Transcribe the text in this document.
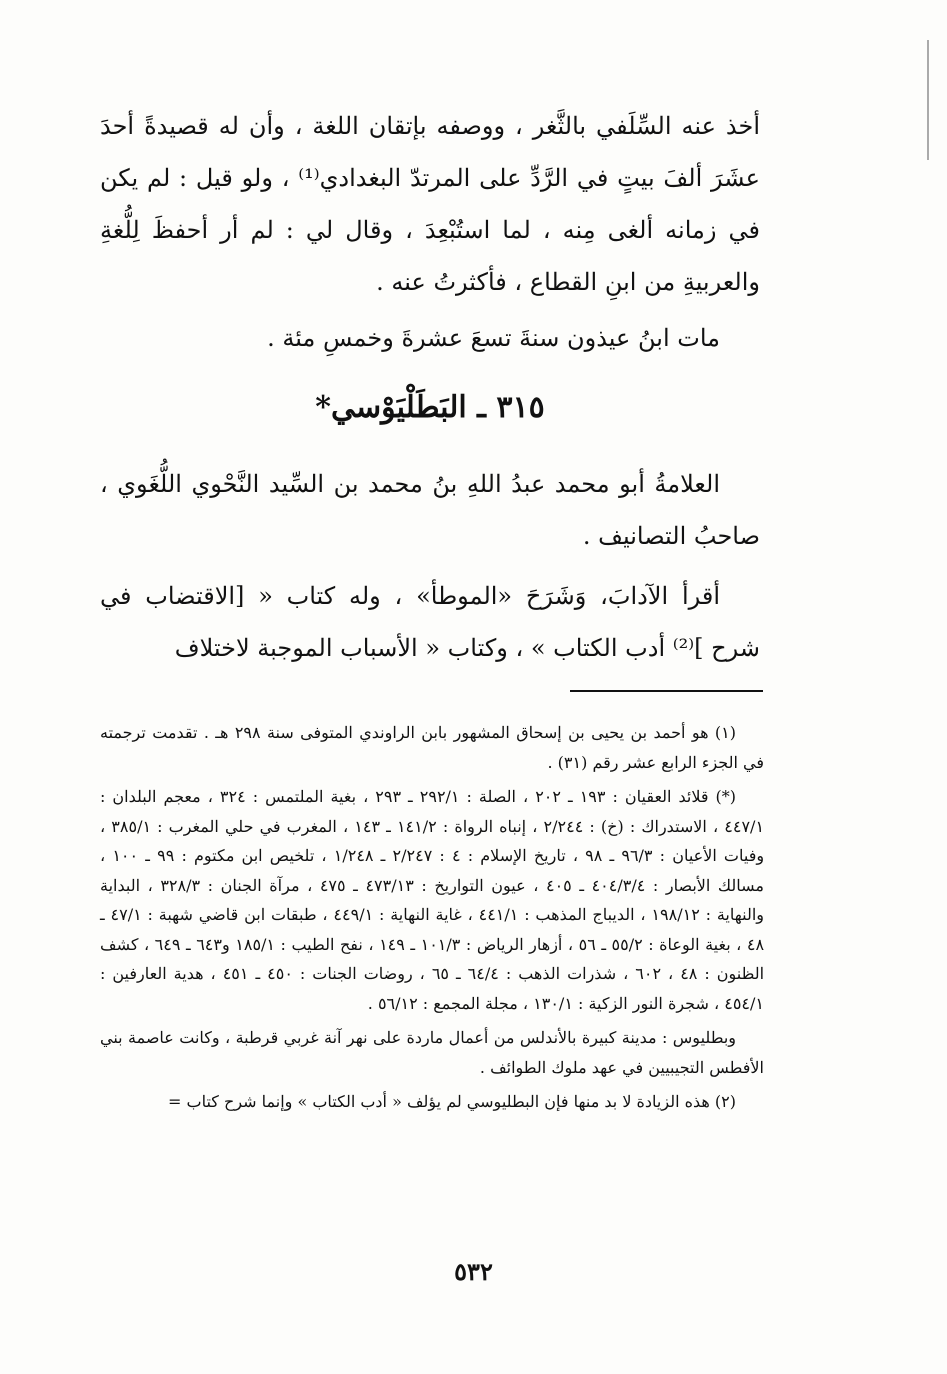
أخذ عنه السِّلَفي بالثَّغر ، ووصفه بإتقان اللغة ، وأن له قصيدةً أحدَ عشَرَ ألفَ بيتٍ في الرَّدِّ على المرتدّ البغدادي⁽¹⁾ ، ولو قيل : لم يكن في زمانه ألغى مِنه ، لما استُبْعِدَ ، وقال لي : لم أر أحفظَ لِلُّغةِ والعربيةِ من ابنِ القطاع ، فأكثرتُ عنه .

مات ابنُ عيذون سنةَ تسعَ عشرةَ وخمسِ مئة .

٣١٥ ـ البَطَلْيَوْسي*

العلامةُ أبو محمد عبدُ اللهِ بنُ محمد بن السِّيد النَّحْوي اللُّغَوي ، صاحبُ التصانيف .

أقرأ الآدابَ، وَشَرَحَ «الموطأ» ، وله كتاب « [الاقتضاب في شرح ]⁽²⁾ أدب الكتاب » ، وكتاب « الأسباب الموجبة لاختلاف

(١) هو أحمد بن يحيى بن إسحاق المشهور بابن الراوندي المتوفى سنة ٢٩٨ هـ . تقدمت ترجمته في الجزء الرابع عشر رقم (٣١) .

(*) قلائد العقيان : ١٩٣ ـ ٢٠٢ ، الصلة : ٢٩٢/١ ـ ٢٩٣ ، بغية الملتمس : ٣٢٤ ، معجم البلدان : ٤٤٧/١ ، الاستدراك : (خ) : ٢/٢٤٤ ، إنباه الرواة : ١٤١/٢ ـ ١٤٣ ، المغرب في حلي المغرب : ٣٨٥/١ ، وفيات الأعيان : ٩٦/٣ ـ ٩٨ ، تاريخ الإسلام : ٤ : ٢/٢٤٧ ـ ١/٢٤٨ ، تلخيص ابن مكتوم : ٩٩ ـ ١٠٠ ، مسالك الأبصار : ٤٠٤/٣/٤ ـ ٤٠٥ ، عيون التواريخ : ٤٧٣/١٣ ـ ٤٧٥ ، مرآة الجنان : ٣٢٨/٣ ، البداية والنهاية : ١٩٨/١٢ ، الديباج المذهب : ٤٤١/١ ، غاية النهاية : ٤٤٩/١ ، طبقات ابن قاضي شهبة : ٤٧/١ ـ ٤٨ ، بغية الوعاة : ٥٥/٢ ـ ٥٦ ، أزهار الرياض : ١٠١/٣ ـ ١٤٩ ، نفح الطيب : ١٨٥/١ و٦٤٣ ـ ٦٤٩ ، كشف الظنون : ٤٨ ، ٦٠٢ ، شذرات الذهب : ٦٤/٤ ـ ٦٥ ، روضات الجنات : ٤٥٠ ـ ٤٥١ ، هدية العارفين : ٤٥٤/١ ، شجرة النور الزكية : ١٣٠/١ ، مجلة المجمع : ٥٦/١٢ .

وبطليوس : مدينة كبيرة بالأندلس من أعمال ماردة على نهر آنة غربي قرطبة ، وكانت عاصمة بني الأفطس التجيبيين في عهد ملوك الطوائف .

(٢) هذه الزيادة لا بد منها فإن البطليوسي لم يؤلف « أدب الكتاب » وإنما شرح كتاب =

٥٣٢
